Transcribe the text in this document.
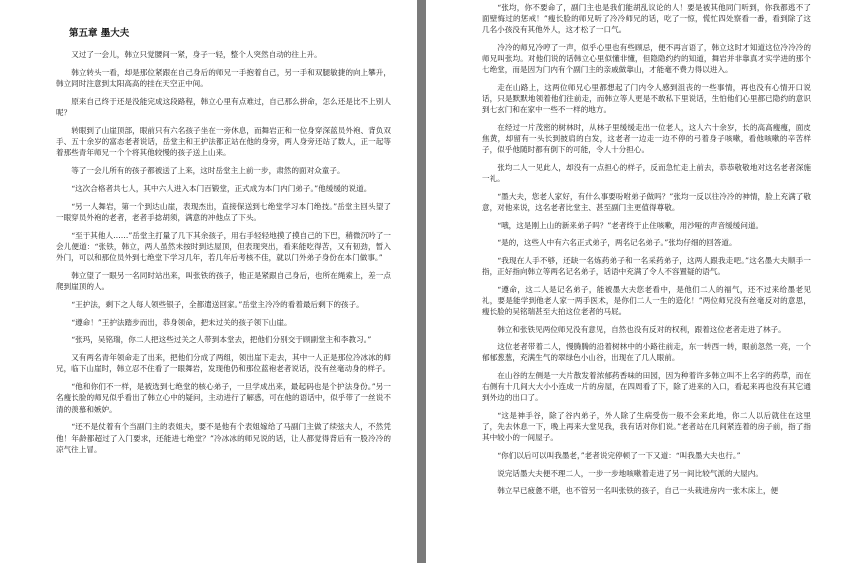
第五章 墨大夫

又过了一会儿，韩立只觉腰间一紧，身子一轻，整个人突然自动的往上升。

韩立转头一看，却是那位紧跟在自己身后的师兄一手抱着自己，另一手和双腿敏捷的向上攀升，韩立同时注意到太阳高高的挂在天空正中间。

原来自己终于还是没能完成这段路程，韩立心里有点难过，自己那么拼命，怎么还是比不上别人呢？

转眼到了山崖顶部，眼前只有六名孩子坐在一旁休息，而舞岩正和一位身穿深蓝员外袍、背负双手、五十余岁的富态老者说话，岳堂主和王护法都正站在他的身旁，两人身旁还站了数人，正一起等着那些青年师兄一个个将其他较慢的孩子送上山来。

等了一会儿所有的孩子都被送了上来，这时岳堂主上前一步，肃然的面对众童子。

“这次合格者共七人，其中六人进入本门百锻堂，正式成为本门内门弟子。”他缓缓的说道。

“另一人舞岩，第一个到达山崖，表现杰出，直接保送到七绝堂学习本门绝技。”岳堂主回头望了一眼穿员外袍的老者，老者手捻胡须，满意的冲他点了下头。

“至于其他人……”岳堂主打量了几下其余孩子，用右手轻轻地摸了摸自己的下巴，稍微沉吟了一会儿便道：“张铁，韩立，两人虽然未按时到达屋顶，但表现突出，看来能吃得苦，又有韧劲，暂入外门，可以和那位员外到七绝堂下学习几年，若几年后考核不佳，就以门外弟子身份在本门做事。”

韩立望了一眼另一名同时站出来，叫张铁的孩子，他正是紧跟自己身后，也所在绳索上，差一点爬到崖顶的人。

“王护法，剩下之人每人领些银子，全都遣送回家。”岳堂主冷冷的看着最后剩下的孩子。

“遵命！”王护法踏步而出，恭身领命，把未过关的孩子领下山崖。

“张玛，吴铭瑞，你二人把这些过关之人带到本堂去，把他们分别交于顾副堂主和李教习。”

又有两名青年领命走了出来，把他们分成了两组，领出崖下走去，其中一人正是那位冷冰冰的师兄，临下山崖时，韩立忍不住看了一眼舞岩，发现他仍和那位蓝袍老者说话，没有丝毫动身的样子。

“他和你们不一样，是被选到七绝堂的核心弟子，一旦学成出来，最起码也是个护法身份。”另一名瘦长脸的师兄似乎看出了韩立心中的疑问，主动进行了解惑，可在他的语话中，似乎带了一丝说不清的羡慕和嫉妒。

“还不是仗着有个当副门主的表姐夫，要不是他有个表姐嫁给了马副门主做了续弦夫人，不然凭他！年龄都超过了入门要求，还能进七绝堂？”冷冰冰的师兄说的话，让人都觉得背后有一股冷冷的凉气往上冒。

“张均，你不要命了，副门主也是我们能胡乱议论的人！要是被其他同门听到，你我都逃不了面壁悔过的惩戒！”瘦长脸的师兄听了冷冷师兄的话，吃了一惊，慌忙四处察看一番，看到除了这几名小孩没有其他外人，这才松了一口气。

冷冷的师兄冷哼了一声，似乎心里也有些顾忌，便不再言语了，韩立这时才知道这位冷冷冷的师兄叫张均。对他们说的话韩立心里似懂非懂，但隐隐约约的知道，舞岩并非靠真才实学进的那个七绝堂，而是因为门内有个副门主的亲戚做靠山，才能毫不费力得以进入。

走在山路上，这两位师兄心里都想起了门内令人感到沮丧的一些事情，再也没有心情开口说话，只是默默地领着他们往前走，而韩立等人更是不敢私下里说话，生怕他们心里都已隐约的意识到七玄门和在家中一些不一样的地方。

在经过一片茂密的树林时，从林子里缓缓走出一位老人，这人六十余岁，长的高高瘦瘦，面皮焦黄，却留有一头长到披肩的白发，这老者一边走一边不停的弓着身子咳嗽，看他咳嗽的辛苦样子，似乎他随时都有倒下的可能，令人十分担心。

张均二人一见此人，却没有一点担心的样子，反而急忙走上前去，恭恭敬敬地对这名老者深施一礼。

“墨大夫，您老人家好，有什么事要吩咐弟子做吗？”张均一反以往冷冷的神情，脸上充满了敬意，对他来说，这名老者比堂主、甚至副门主更值得尊敬。

“哦，这是刚上山的新来弟子吗？”老者终于止住咳嗽，用沙哑的声音缓缓问道。

“是的，这些人中有六名正式弟子，两名记名弟子。”张均仔细的回答道。

“我现在人手不够，还缺一名炼药弟子和一名采药弟子，这两人跟我走吧。”这名墨大夫顺手一指，正好指向韩立等两名记名弟子，话语中充满了令人不容置疑的语气。

“遵命，这二人是记名弟子，能被墨大夫您老看中，是他们二人的福气，还不过来给墨老见礼，要是能学到他老人家一两手医术，是你们二人一生的造化！”两位师兄没有丝毫反对的意思，瘦长脸的吴铭瑞甚至大拍这位老者的马屁。

韩立和张铁见两位师兄没有意见，自然也没有反对的权利，跟着这位老者走进了林子。

这位老者带着二人，慢腾腾的沿着树林中的小路往前走，东一转西一转，眼前忽然一亮，一个郁郁葱葱，充满生气的翠绿色小山谷，出现在了几人眼前。

在山谷的左侧是一大片散发着浓郁药香味的田园，因为种着许多韩立叫不上名字的药草，而在右侧有十几间大大小小连成一片的房屋，在四周看了下，除了进来的入口，看起来再也没有其它通到外边的出口了。

“这是神手谷，除了谷内弟子，外人除了生病受伤一般不会来此地，你二人以后就住在这里了，先去休息一下，晚上再来大堂见我，我有话对你们说。”老者站在几间紧连着的房子前，指了指其中较小的一间屋子。

“你们以后可以叫我墨老，”老者说完停顿了一下又道：“叫我墨大夫也行。”

说完话墨大夫便不理二人，一步一步地咳嗽着走进了另一间比较气派的大屋内。

韩立早已疲惫不堪，也不管另一名叫张铁的孩子，自己一头栽进房内一张木床上，便
